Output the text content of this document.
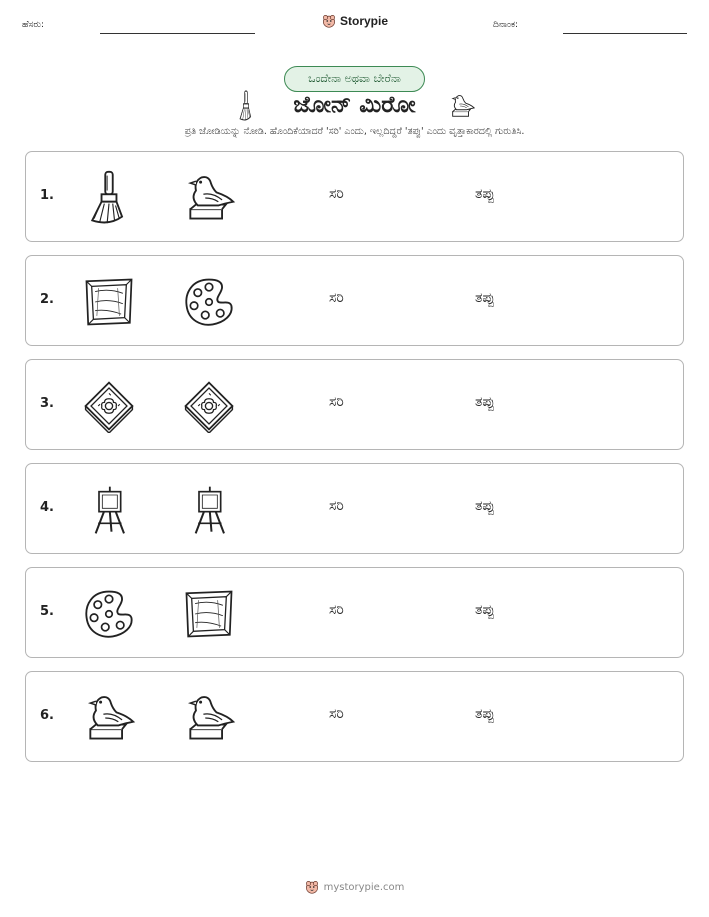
ಹೆಸರು:	Storypie	ದಿನಾಂಕ:
ಒಂದೇನಾ ಅಥವಾ ಬೇರೆನಾ
ಜೋನ್ ಮಿರೋ
ಪ್ರತಿ ಜೋಡಿಯನ್ನು ನೋಡಿ. ಹೊಂದಿಕೆಯಾದರೆ 'ಸರಿ' ಎಂದು, ಇಲ್ಲದಿದ್ದರೆ 'ತಪ್ಪು' ಎಂದು ವೃತ್ತಾಕಾರದಲ್ಲಿ ಗುರುತಿಸಿ.
1.	ಸರಿ	ತಪ್ಪು
2.	ಸರಿ	ತಪ್ಪು
3.	ಸರಿ	ತಪ್ಪು
4.	ಸರಿ	ತಪ್ಪು
5.	ಸರಿ	ತಪ್ಪು
6.	ಸರಿ	ತಪ್ಪು
mystorypie.com
